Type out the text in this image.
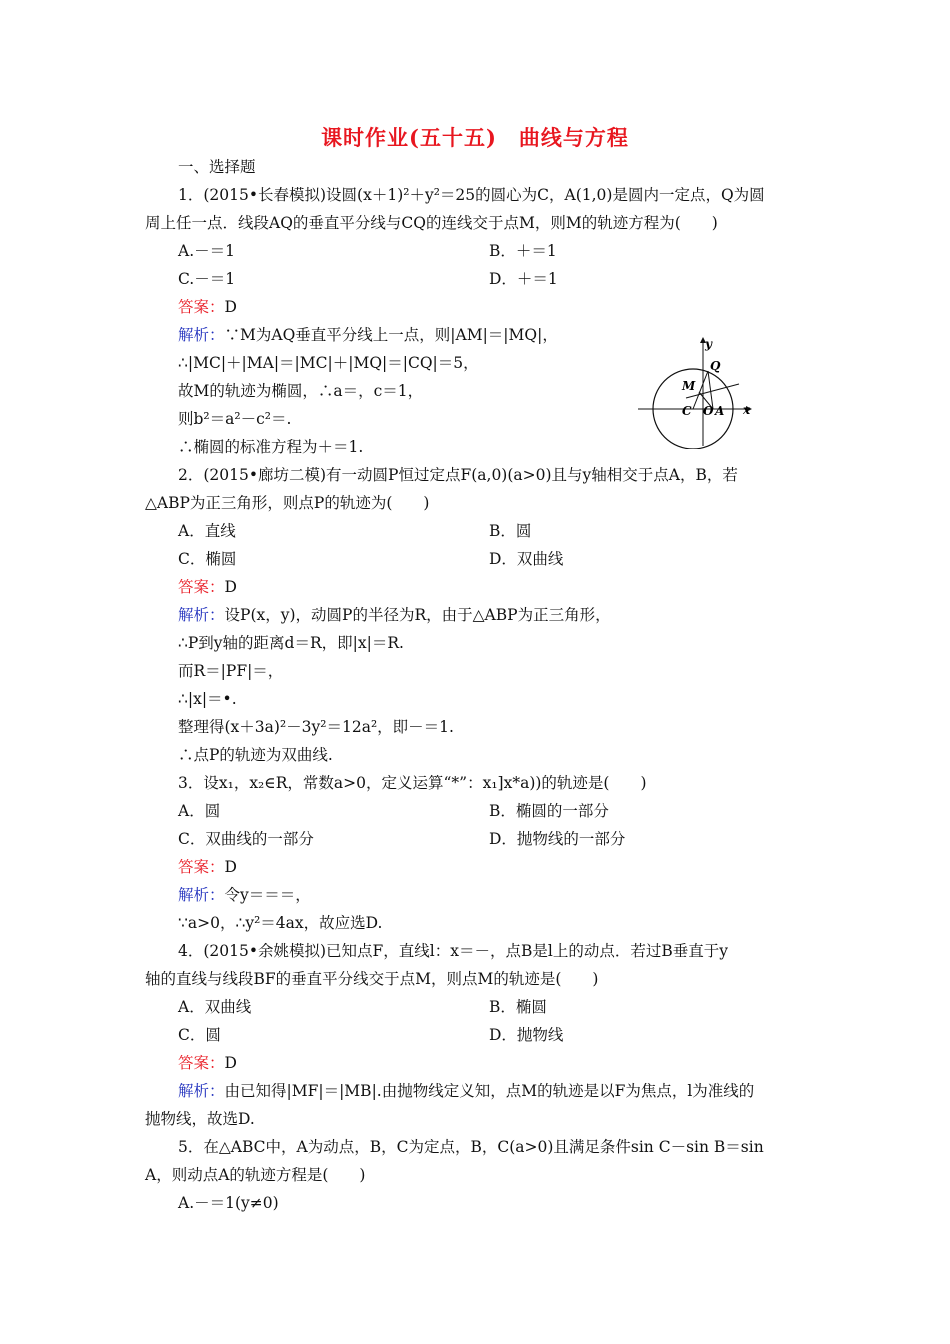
课时作业(五十五)　曲线与方程
一、选择题
1．(2015•长春模拟)设圆(x＋1)²＋y²＝25的圆心为C，A(1,0)是圆内一定点，Q为圆
周上任一点．线段AQ的垂直平分线与CQ的连线交于点M，则M的轨迹方程为(　　)
A.－＝1	B．＋＝1
C.－＝1	D．＋＝1
答案：D
解析：∵M为AQ垂直平分线上一点，则|AM|＝|MQ|，
∴|MC|＋|MA|＝|MC|＋|MQ|＝|CQ|＝5，
故M的轨迹为椭圆，∴a＝，c＝1，
则b²＝a²－c²＝.
∴椭圆的标准方程为＋＝1.
y
x
Q
M
C O A
2．(2015•廊坊二模)有一动圆P恒过定点F(a,0)(a>0)且与y轴相交于点A，B，若
△ABP为正三角形，则点P的轨迹为(　　)
A．直线	B．圆
C．椭圆	D．双曲线
答案：D
解析：设P(x，y)，动圆P的半径为R，由于△ABP为正三角形，
∴P到y轴的距离d＝R，即|x|＝R.
而R＝|PF|＝，
∴|x|＝•.
整理得(x＋3a)²－3y²＝12a²，即－＝1.
∴点P的轨迹为双曲线.
3．设x₁，x₂∈R，常数a>0，定义运算“*”：x₁]x*a))的轨迹是(　　)
A．圆	B．椭圆的一部分
C．双曲线的一部分	D．抛物线的一部分
答案：D
解析：令y＝＝＝，
∵a>0，∴y²＝4ax，故应选D.
4．(2015•余姚模拟)已知点F，直线l：x＝－，点B是l上的动点．若过B垂直于y
轴的直线与线段BF的垂直平分线交于点M，则点M的轨迹是(　　)
A．双曲线	B．椭圆
C．圆	D．抛物线
答案：D
解析：由已知得|MF|＝|MB|.由抛物线定义知，点M的轨迹是以F为焦点，l为准线的
抛物线，故选D.
5．在△ABC中，A为动点，B，C为定点，B，C(a>0)且满足条件sin C－sin B＝sin
A，则动点A的轨迹方程是(　　)
A.－＝1(y≠0)
